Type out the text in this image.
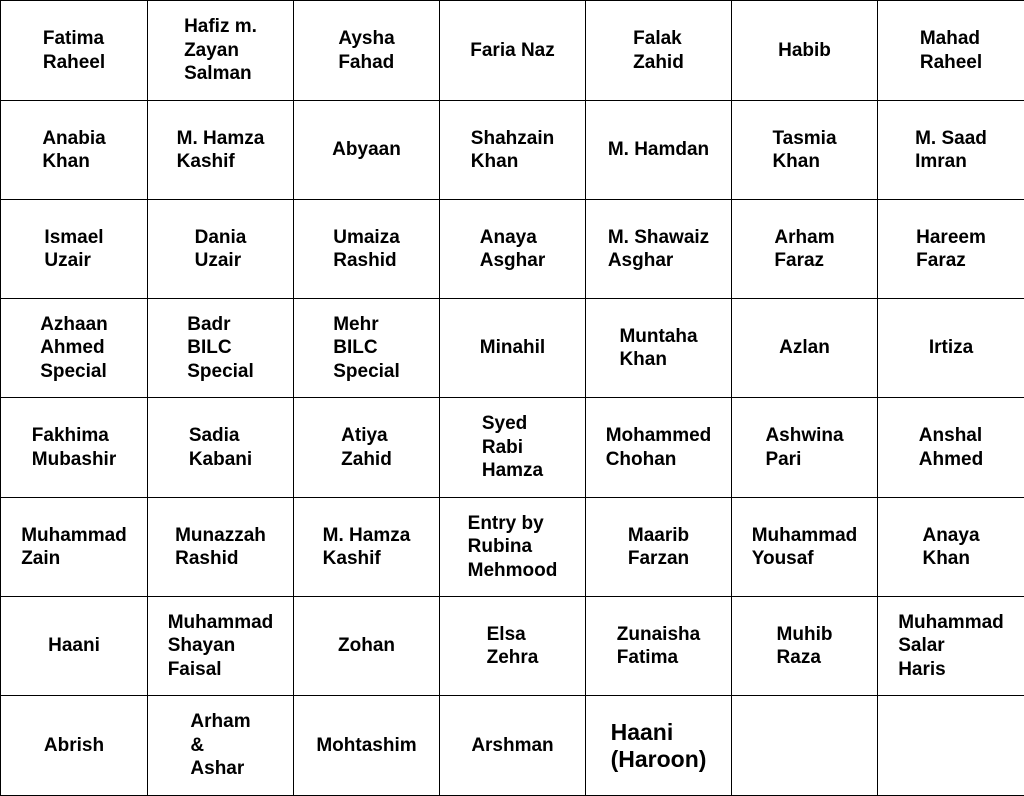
Fatima
Raheel
Hafiz m.
Zayan
Salman
Aysha
Fahad
Faria Naz
Falak
Zahid
Habib
Mahad
Raheel
Anabia
Khan
M. Hamza
Kashif
Abyaan
Shahzain
Khan
M. Hamdan
Tasmia
Khan
M. Saad
Imran
Ismael
Uzair
Dania
Uzair
Umaiza
Rashid
Anaya
Asghar
M. Shawaiz
Asghar
Arham
Faraz
Hareem
Faraz
Azhaan
Ahmed
Special
Badr
BILC
Special
Mehr
BILC
Special
Minahil
Muntaha
Khan
Azlan	Irtiza
Fakhima
Mubashir
Sadia
Kabani
Atiya
Zahid
Syed
Rabi
Hamza
Mohammed
Chohan
Ashwina
Pari
Anshal
Ahmed
Muhammad
Zain
Munazzah
Rashid
M. Hamza
Kashif
Entry by
Rubina
Mehmood
Maarib
Farzan
Muhammad
Yousaf
Anaya
Khan
Haani
Muhammad
Shayan
Faisal
Zohan
Elsa
Zehra
Zunaisha
Fatima
Muhib
Raza
Muhammad
Salar
Haris
Abrish
Arham
&
Ashar
Mohtashim	Arshman
Haani
(Haroon)
